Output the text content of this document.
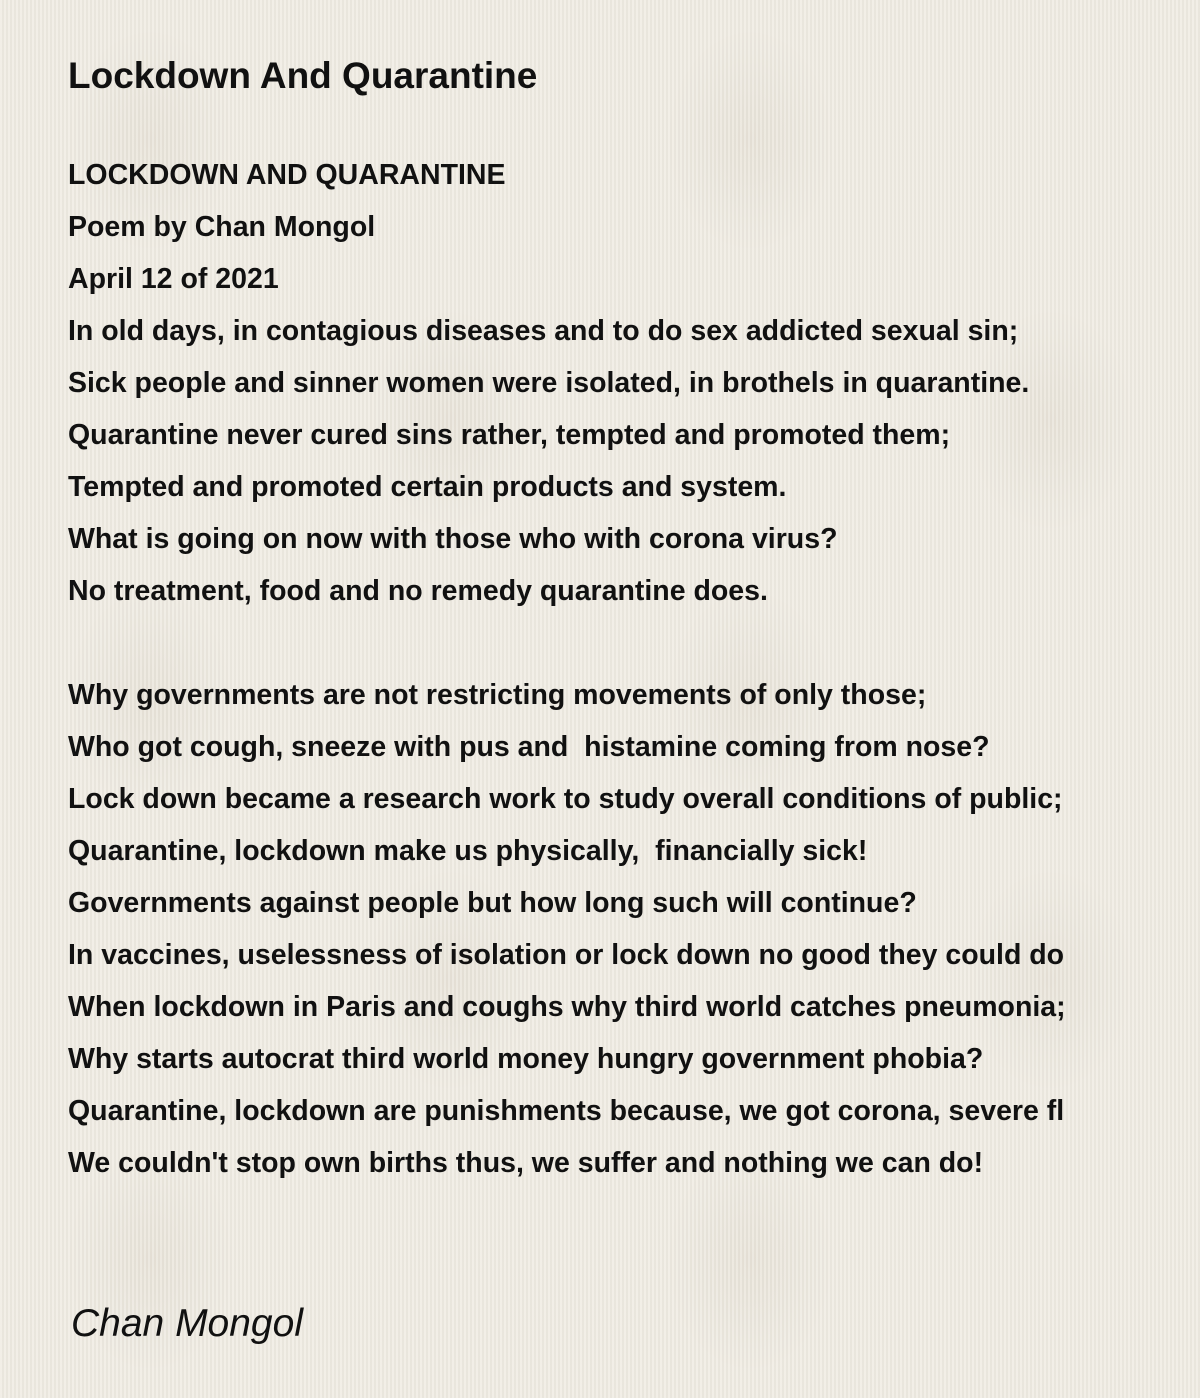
Lockdown And Quarantine
LOCKDOWN AND QUARANTINE
Poem by Chan Mongol
April 12 of 2021
In old days, in contagious diseases and to do sex addicted sexual sin;
Sick people and sinner women were isolated, in brothels in quarantine.
Quarantine never cured sins rather, tempted and promoted them;
Tempted and promoted certain products and system.
What is going on now with those who with corona virus?
No treatment, food and no remedy quarantine does.
Why governments are not restricting movements of only those;
Who got cough, sneeze with pus and  histamine coming from nose?
Lock down became a research work to study overall conditions of public;
Quarantine, lockdown make us physically,  financially sick!
Governments against people but how long such will continue?
In vaccines, uselessness of isolation or lock down no good they could do
When lockdown in Paris and coughs why third world catches pneumonia;
Why starts autocrat third world money hungry government phobia?
Quarantine, lockdown are punishments because, we got corona, severe fl
We couldn't stop own births thus, we suffer and nothing we can do!
Chan Mongol
